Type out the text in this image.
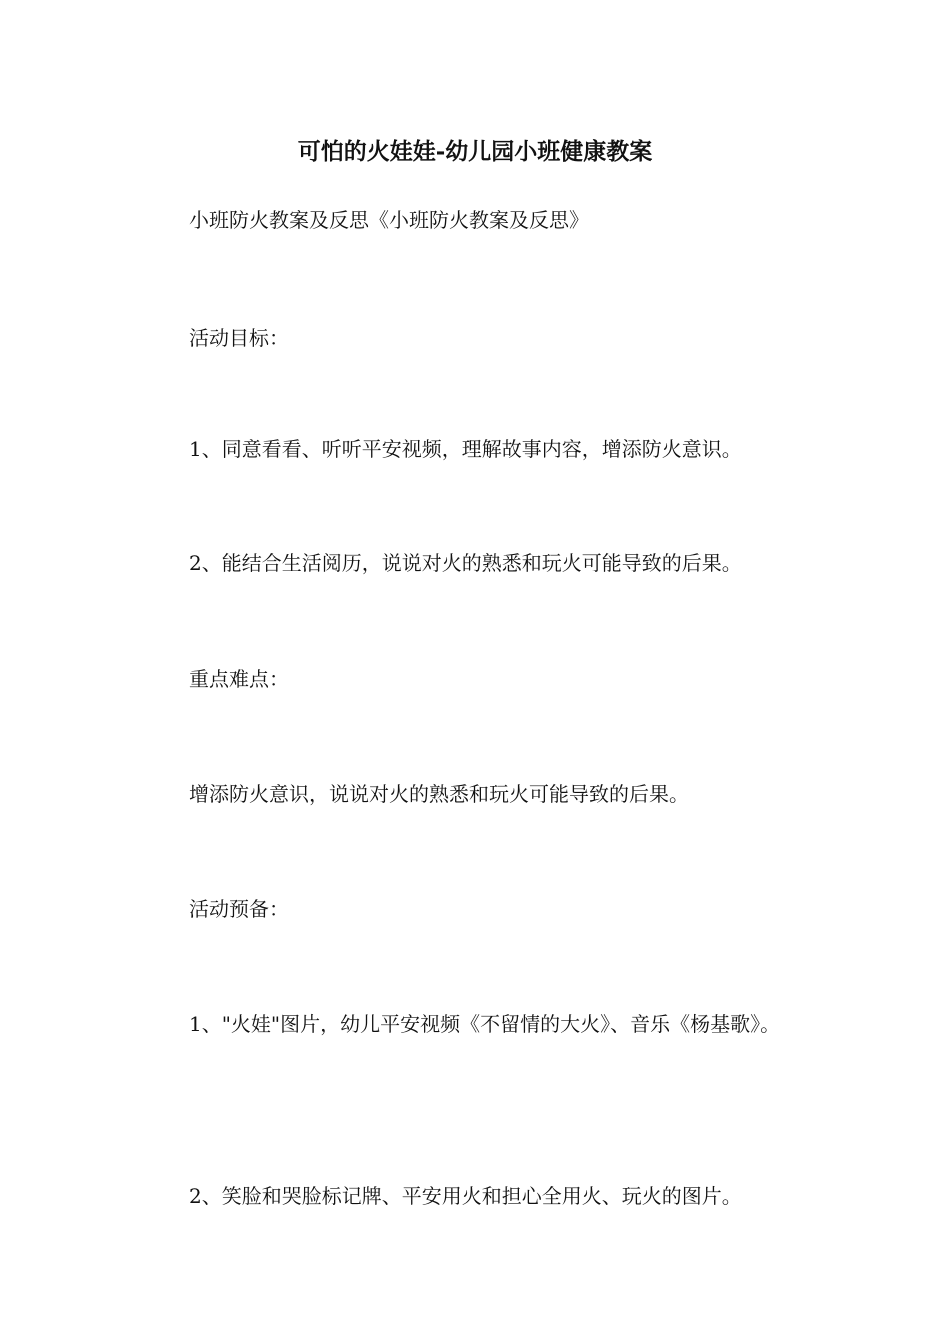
可怕的火娃娃-幼儿园小班健康教案

小班防火教案及反思《小班防火教案及反思》

活动目标：

1、同意看看、听听平安视频，理解故事内容，增添防火意识。

2、能结合生活阅历，说说对火的熟悉和玩火可能导致的后果。

重点难点：

增添防火意识，说说对火的熟悉和玩火可能导致的后果。

活动预备：

1、"火娃"图片，幼儿平安视频《不留情的大火》、音乐《杨基歌》。

2、笑脸和哭脸标记牌、平安用火和担心全用火、玩火的图片。
